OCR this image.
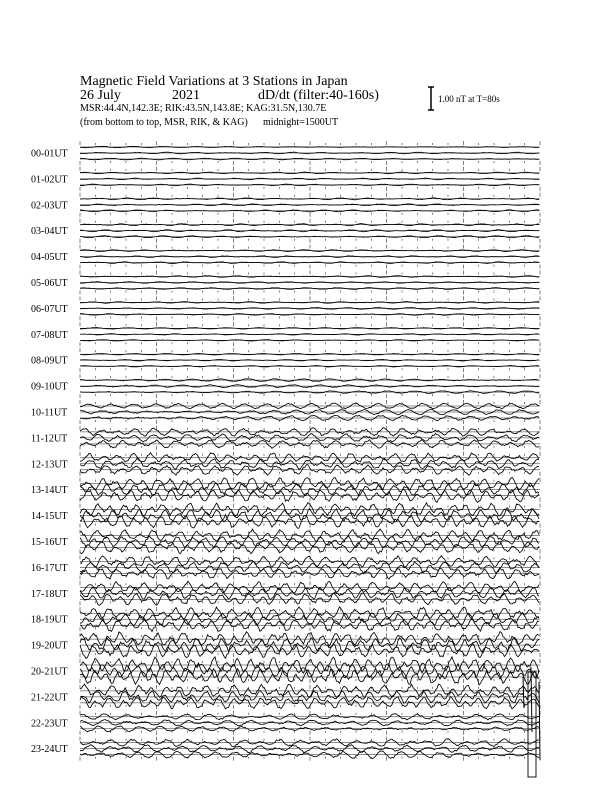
Magnetic Field Variations at 3 Stations in Japan
26 July	2021	dD/dt (filter:40-160s)
MSR:44.4N,142.3E; RIK:43.5N,143.8E; KAG:31.5N,130.7E
(from bottom to top, MSR, RIK, & KAG) midnight=1500UT
1.00 nT at T=80s
00-01UT
01-02UT
02-03UT
03-04UT
04-05UT
05-06UT
06-07UT
07-08UT
08-09UT
09-10UT
10-11UT
11-12UT
12-13UT
13-14UT
14-15UT
15-16UT
16-17UT
17-18UT
18-19UT
19-20UT
20-21UT
21-22UT
22-23UT
23-24UT
